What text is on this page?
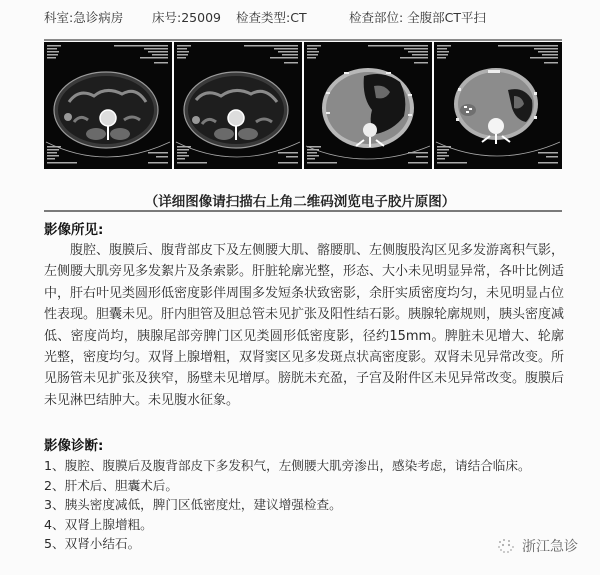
科室:急诊病房 床号:25009 检查类型:CT	检查部位: 全腹部CT平扫
（详细图像请扫描右上角二维码浏览电子胶片原图）
影像所见:
腹腔、腹膜后、腹背部皮下及左侧腰大肌、髂腰肌、左侧腹股沟区见多发游离积气影，左侧腰大肌旁见多发絮片及条索影。肝脏轮廓光整，形态、大小未见明显异常，各叶比例适中，肝右叶见类圆形低密度影伴周围多发短条状致密影，余肝实质密度均匀，未见明显占位性表现。胆囊未见。肝内胆管及胆总管未见扩张及阳性结石影。胰腺轮廓规则，胰头密度减低、密度尚均，胰腺尾部旁脾门区见类圆形低密度影，径约15mm。脾脏未见增大、轮廓光整，密度均匀。双肾上腺增粗，双肾窦区见多发斑点状高密度影。双肾未见异常改变。所见肠管未见扩张及狭窄，肠壁未见增厚。膀胱未充盈，子宫及附件区未见异常改变。腹膜后未见淋巴结肿大。未见腹水征象。
影像诊断:
1、腹腔、腹膜后及腹背部皮下多发积气，左侧腰大肌旁渗出，感染考虑，请结合临床。
2、肝术后、胆囊术后。
3、胰头密度减低，脾门区低密度灶，建议增强检查。
4、双肾上腺增粗。
5、双肾小结石。	浙江急诊
